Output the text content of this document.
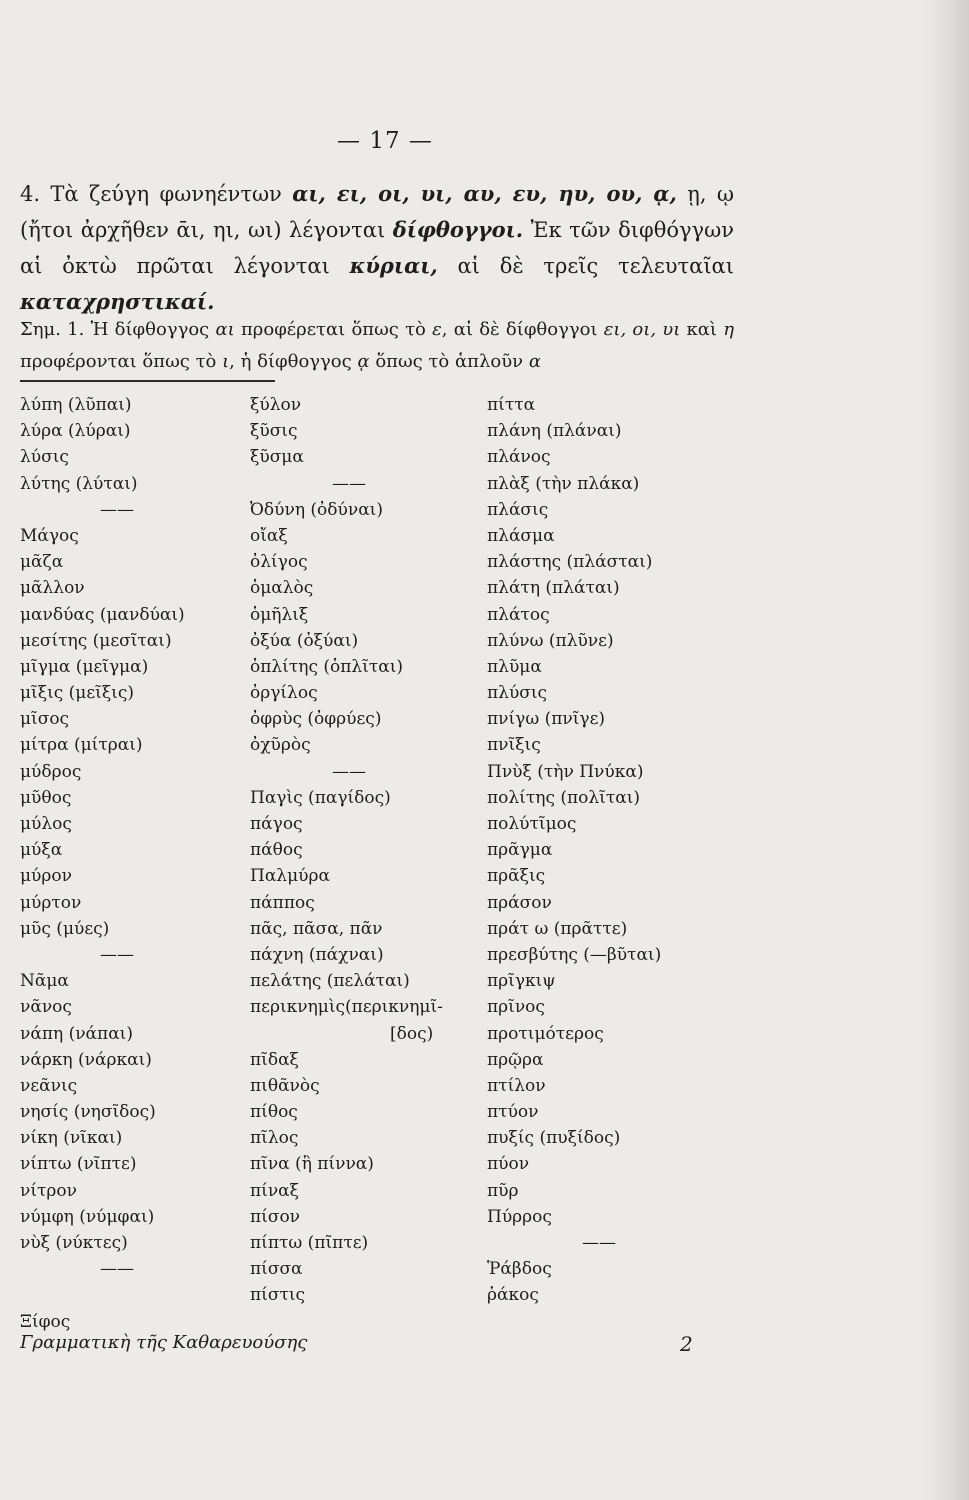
— 17 —
4. Τὰ ζεύγη φωνηέντων αι, ει, οι, υι, αυ, ευ, ηυ, ου, ᾳ, ῃ, ῳ (ἤτοι ἀρχῆθεν ᾱι, ηι, ωι) λέγονται δίφθογγοι. Ἐκ τῶν διφθόγγων αἱ ὀκτὼ πρῶται λέγονται κύριαι, αἱ δὲ τρεῖς τελευταῖαι καταχρηστικαί.
Σημ. 1. Ἡ δίφθογγος αι προφέρεται ὅπως τὸ ε, αἱ δὲ δίφθογγοι ει, οι, υι καὶ η προφέρονται ὅπως τὸ ι, ἡ δίφθογγος ᾳ ὅπως τὸ ἁπλοῦν α
λύπη (λῦπαι)
λύρα (λύραι)
λύσις
λύτης (λύται)
——
Μάγος
μᾶζα
μᾶλλον
μανδύας (μανδύαι)
μεσίτης (μεσῖται)
μῖγμα (μεῖγμα)
μῖξις (μεῖξις)
μῖσος
μίτρα (μίτραι)
μύδρος
μῦθος
μύλος
μύξα
μύρον
μύρτον
μῦς (μύες)
——
Νᾶμα
νᾶνος
νάπη (νάπαι)
νάρκη (νάρκαι)
νεᾶνις
νησίς (νησῖδος)
νίκη (νῖκαι)
νίπτω (νῖπτε)
νίτρον
νύμφη (νύμφαι)
νὺξ (νύκτες)
——
Ξίφος
ξύλον
ξῦσις
ξῦσμα
——
Ὀδύνη (ὀδύναι)
οἴαξ
ὀλίγος
ὁμαλὸς
ὁμῆλιξ
ὀξύα (ὀξύαι)
ὁπλίτης (ὁπλῖται)
ὀργίλος
ὀφρὺς (ὀφρύες)
ὀχῦρὸς
——
Παγὶς (παγίδος)
πάγος
πάθος
Παλμύρα
πάππος
πᾶς, πᾶσα, πᾶν
πάχνη (πάχναι)
πελάτης (πελάται)
περικνημὶς(περικνημῖ-
[δος)
πῖδαξ
πιθᾶνὸς
πίθος
πῖλος
πῖνα (ἢ πίννα)
πίναξ
πίσον
πίπτω (πῖπτε)
πίσσα
πίστις
πίττα
πλάνη (πλάναι)
πλάνος
πλὰξ (τὴν πλάκα)
πλάσις
πλάσμα
πλάστης (πλάσται)
πλάτη (πλάται)
πλάτος
πλύνω (πλῦνε)
πλῦμα
πλύσις
πνίγω (πνῖγε)
πνῖξις
Πνὺξ (τὴν Πνύκα)
πολίτης (πολῖται)
πολύτῖμος
πρᾶγμα
πρᾶξις
πράσον
πράτ ω (πρᾶττε)
πρεσβύτης (—βῦται)
πρῖγκιψ
πρῖνος
προτιμότερος
πρῷρα
πτίλον
πτύον
πυξίς (πυξίδος)
πύον
πῦρ
Πύρρος
——
Ῥάβδος
ῥάκος
Γραμματικὴ τῆς Καθαρευούσης	2
